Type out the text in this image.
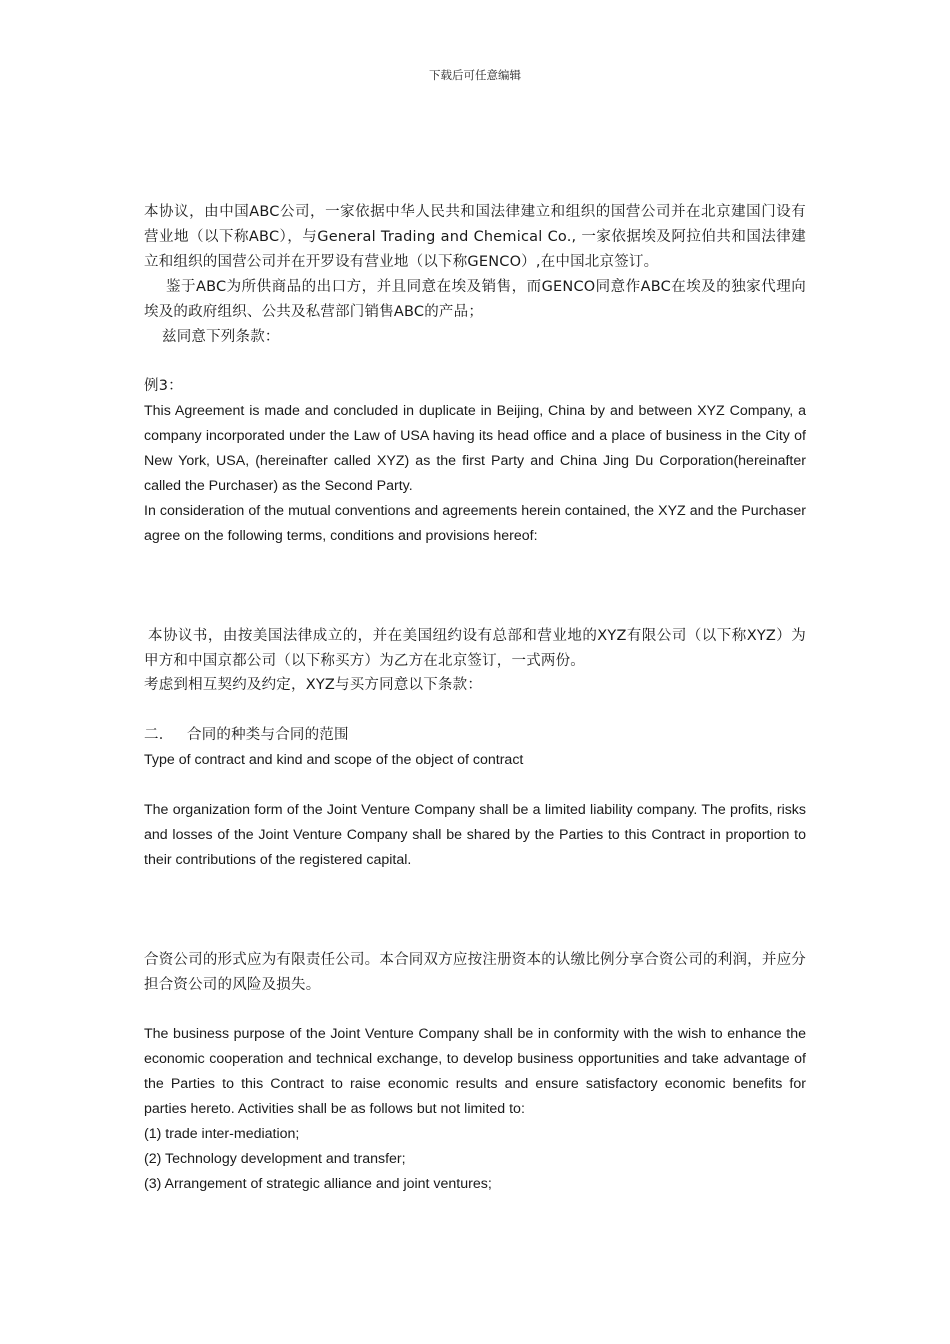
下载后可任意编辑

本协议，由中国ABC公司，一家依据中华人民共和国法律建立和组织的国营公司并在北京建国门设有营业地（以下称ABC），与General Trading and Chemical Co., 一家依据埃及阿拉伯共和国法律建立和组织的国营公司并在开罗设有营业地（以下称GENCO）,在中国北京签订。

鉴于ABC为所供商品的出口方，并且同意在埃及销售，而GENCO同意作ABC在埃及的独家代理向埃及的政府组织、公共及私营部门销售ABC的产品；

兹同意下列条款：

例3：

This Agreement is made and concluded in duplicate in Beijing, China by and between XYZ Company, a company incorporated under the Law of USA having its head office and a place of business in the City of New York, USA, (hereinafter called XYZ) as the first Party and China Jing Du Corporation(hereinafter called the Purchaser) as the Second Party.

In consideration of the mutual conventions and agreements herein contained, the XYZ and the Purchaser agree on the following terms, conditions and provisions hereof:

本协议书，由按美国法律成立的，并在美国纽约设有总部和营业地的XYZ有限公司（以下称XYZ）为甲方和中国京都公司（以下称买方）为乙方在北京签订，一式两份。

考虑到相互契约及约定，XYZ与买方同意以下条款：

二． 合同的种类与合同的范围

Type of contract and kind and scope of the object of contract

The organization form of the Joint Venture Company shall be a limited liability company. The profits, risks and losses of the Joint Venture Company shall be shared by the Parties to this Contract in proportion to their contributions of the registered capital.

合资公司的形式应为有限责任公司。本合同双方应按注册资本的认缴比例分享合资公司的利润，并应分担合资公司的风险及损失。

The business purpose of the Joint Venture Company shall be in conformity with the wish to enhance the economic cooperation and technical exchange, to develop business opportunities and take advantage of the Parties to this Contract to raise economic results and ensure satisfactory economic benefits for parties hereto. Activities shall be as follows but not limited to:

(1) trade inter-mediation;

(2) Technology development and transfer;

(3) Arrangement of strategic alliance and joint ventures;
